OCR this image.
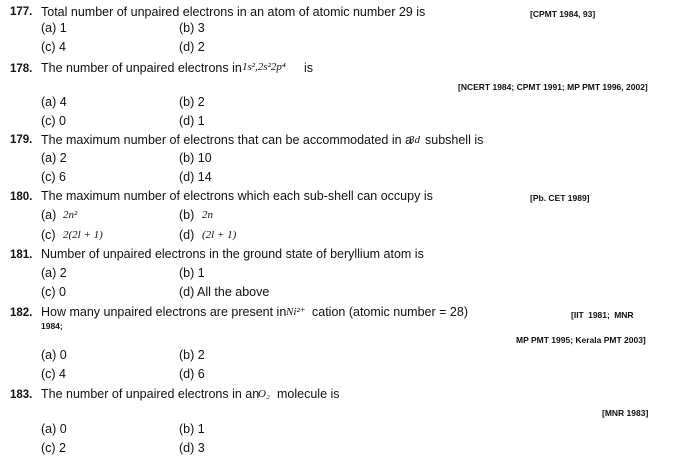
177. Total number of unpaired electrons in an atom of atomic number 29 is	[CPMT 1984, 93]
(a) 1	(b) 3
(c) 4	(d) 2
178. The number of unpaired electrons in 1s²,2s²2p⁴ is
[NCERT 1984; CPMT 1991; MP PMT 1996, 2002]
(a) 4	(b) 2
(c) 0	(d) 1
179. The maximum number of electrons that can be accommodated in a
3d subshell is
(a) 2	(b) 10
(c) 6	(d) 14
180. The maximum number of electrons which each sub-shell can occupy is	[Pb. CET 1989]
(a) 2n²	(b) 2n
(c) 2(2l + 1)	(d) (2l + 1)
181. Number of unpaired electrons in the ground state of beryllium atom is
(a) 2	(b) 1
(c) 0	(d) All the above
182. How many unpaired electrons are present in Ni²⁺ cation (atomic number = 28)	[IIT 1981; MNR
1984;
MP PMT 1995; Kerala PMT 2003]
(a) 0	(b) 2
(c) 4	(d) 6
183. The number of unpaired electrons in an
O₂ molecule is
[MNR 1983]
(a) 0	(b) 1
(c) 2	(d) 3
